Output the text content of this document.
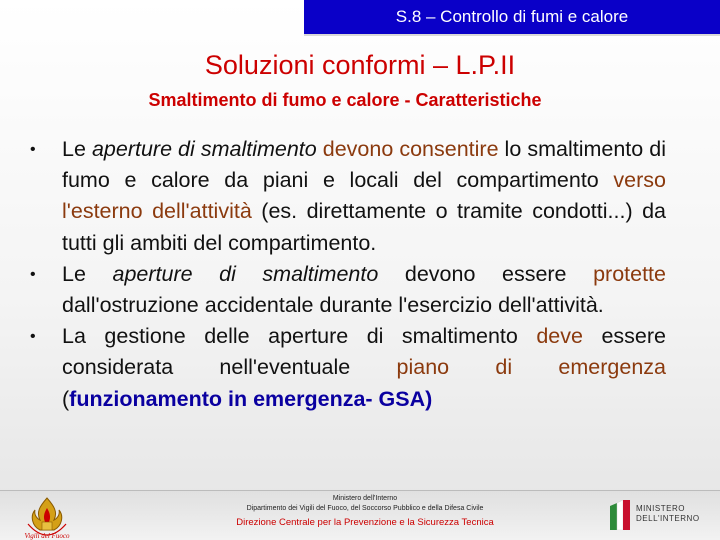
S.8 – Controllo di fumi e calore
Soluzioni conformi – L.P.II
Smaltimento di fumo e calore - Caratteristiche
• Le aperture di smaltimento devono consentire lo smaltimento di fumo e calore da piani e locali del compartimento verso l'esterno dell'attività (es. direttamente o tramite condotti...) da tutti gli ambiti del compartimento.
• Le aperture di smaltimento devono essere protette dall'ostruzione accidentale durante l'esercizio dell'attività.
• La gestione delle aperture di smaltimento deve essere considerata nell'eventuale piano di emergenza (funzionamento in emergenza- GSA)
Ministero dell'Interno
Dipartimento dei Vigili del Fuoco, del Soccorso Pubblico e della Difesa Civile
Direzione Centrale per la Prevenzione e la Sicurezza Tecnica
Vigili del Fuoco
MINISTERO
DELL'INTERNO
